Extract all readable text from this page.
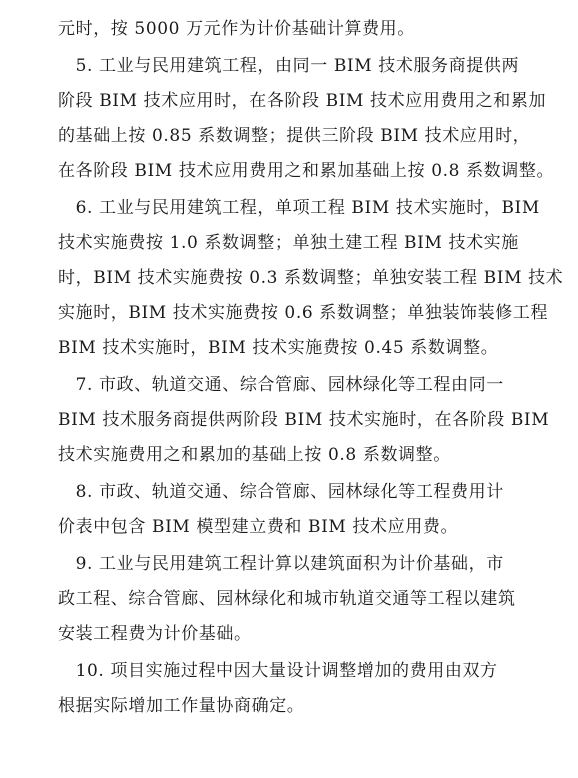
元时，按 5000 万元作为计价基础计算费用。
　5. 工业与民用建筑工程，由同一 BIM 技术服务商提供两
阶段 BIM 技术应用时，在各阶段 BIM 技术应用费用之和累加
的基础上按 0.85 系数调整；提供三阶段 BIM 技术应用时，
在各阶段 BIM 技术应用费用之和累加基础上按 0.8 系数调整。
　6. 工业与民用建筑工程，单项工程 BIM 技术实施时，BIM
技术实施费按 1.0 系数调整；单独土建工程 BIM 技术实施
时，BIM 技术实施费按 0.3 系数调整；单独安装工程 BIM 技术
实施时，BIM 技术实施费按 0.6 系数调整；单独装饰装修工程
BIM 技术实施时，BIM 技术实施费按 0.45 系数调整。
　7. 市政、轨道交通、综合管廊、园林绿化等工程由同一
BIM 技术服务商提供两阶段 BIM 技术实施时，在各阶段 BIM
技术实施费用之和累加的基础上按 0.8 系数调整。
　8. 市政、轨道交通、综合管廊、园林绿化等工程费用计
价表中包含 BIM 模型建立费和 BIM 技术应用费。
　9. 工业与民用建筑工程计算以建筑面积为计价基础，市
政工程、综合管廊、园林绿化和城市轨道交通等工程以建筑
安装工程费为计价基础。
　10. 项目实施过程中因大量设计调整增加的费用由双方
根据实际增加工作量协商确定。
